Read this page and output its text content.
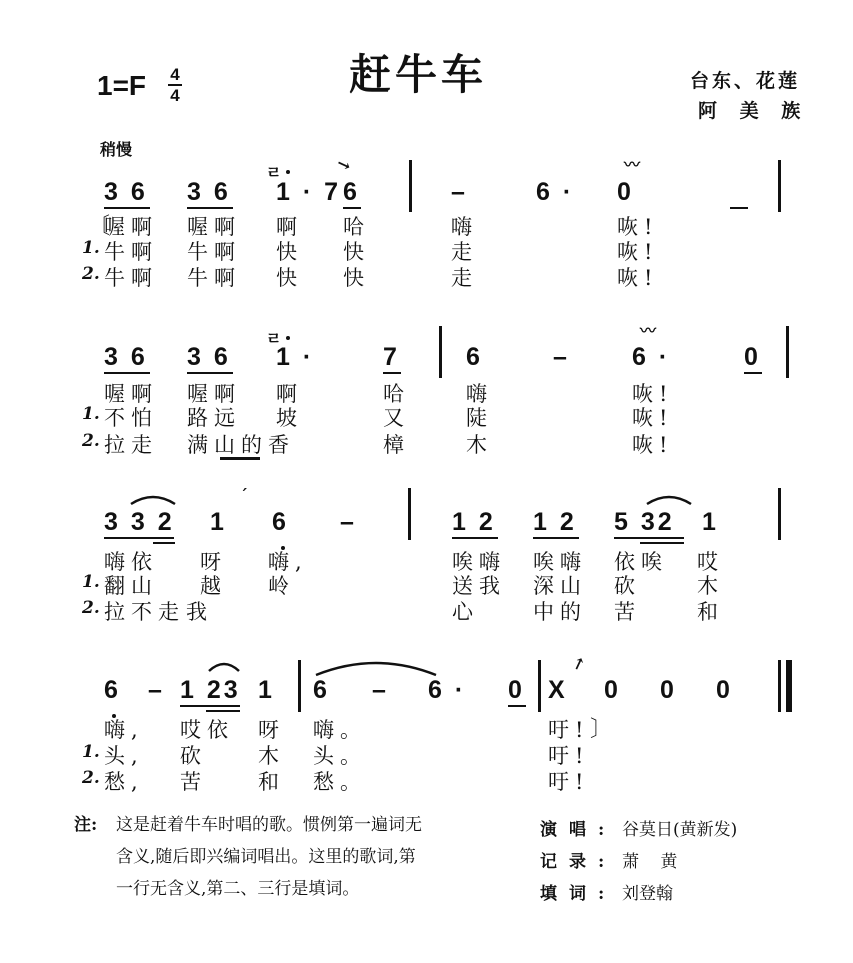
赶牛车
1=F 4
4
台东、花莲
阿 美 族
稍慢
ㄹ	↘	〰
3 6 3 6 1 · 7 6	–	6 · 0
〔
喔啊 喔啊 啊 哈	嗨	咴!
1. 牛啊 牛啊 快 快	走	咴!
2. 牛啊 牛啊 快 快	走	咴!
ㄹ	〰
3 6 3 6 1 ·	7	6	– 6 ·	0
喔啊 喔啊 啊	哈	嗨	咴!
1. 不怕 路远 坡	又	陡	咴!
2. 拉走 满山的香	樟	木	咴!
ˊ
3 3 2 1 6 –	1 2 1 2 5 32 1
嗨依 呀 嗨,	唉嗨 唉嗨 依唉 哎
1. 翻山 越 岭	送我 深山 砍	木
2. 拉不走 我	心	中的 苦	和
↗
6 – 1 23 1 6 – 6 · 0 X 0 0 0
嗨, 哎依 呀 嗨。	吁! 〕
1. 头, 砍 木 头。	吁!
2. 愁, 苦 和 愁。	吁!
注: 这是赶着牛车时唱的歌。惯例第一遍词无
含义,随后即兴编词唱出。这里的歌词,第
一行无含义,第二、三行是填词。
演唱: 谷莫日(黄新发)
记录: 萧 黄
填词: 刘登翰
